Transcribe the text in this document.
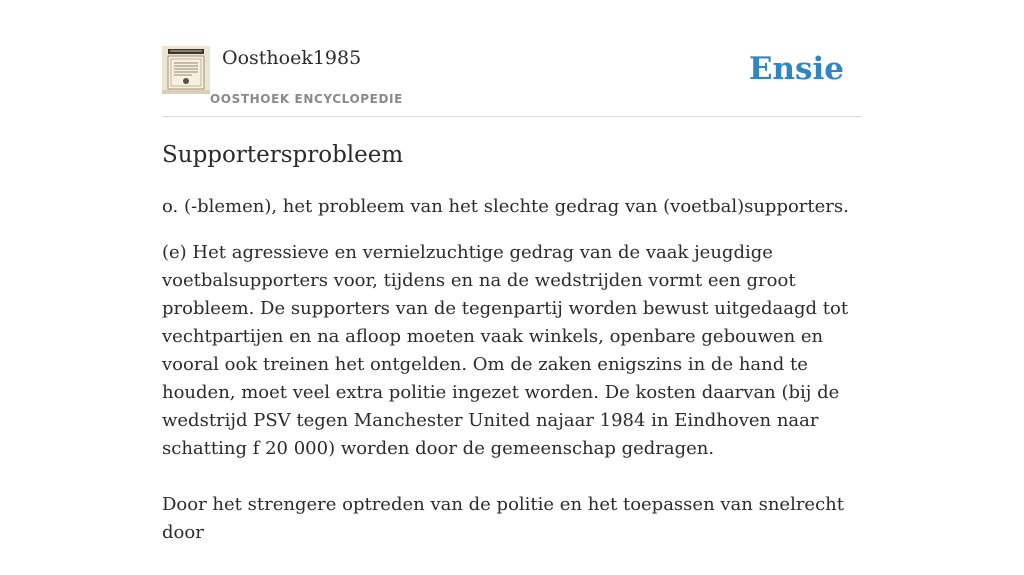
Oosthoek1985
OOSTHOEK ENCYCLOPEDIE
Ensie
Supportersprobleem

o. (-blemen), het probleem van het slechte gedrag van (voetbal)supporters.

(e) Het agressieve en vernielzuchtige gedrag van de vaak jeugdige voetbalsupporters voor, tijdens en na de wedstrijden vormt een groot probleem. De supporters van de tegenpartij worden bewust uitgedaagd tot vechtpartijen en na afloop moeten vaak winkels, openbare gebouwen en vooral ook treinen het ontgelden. Om de zaken enigszins in de hand te houden, moet veel extra politie ingezet worden. De kosten daarvan (bij de wedstrijd PSV tegen Manchester United najaar 1984 in Eindhoven naar schatting f 20 000) worden door de gemeenschap gedragen.

Door het strengere optreden van de politie en het toepassen van snelrecht door
